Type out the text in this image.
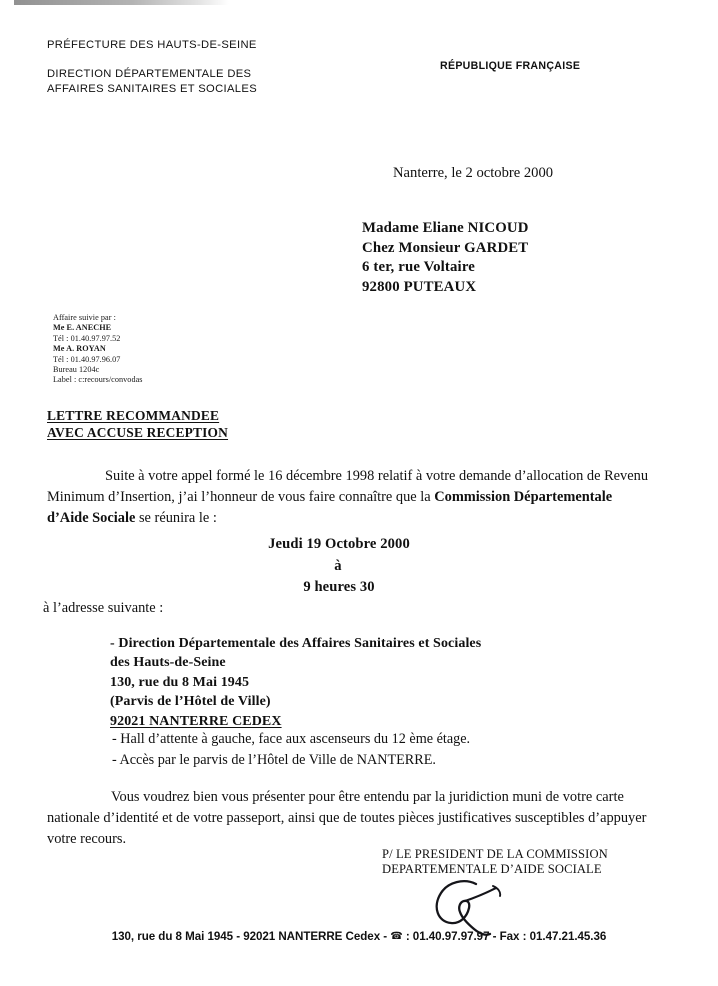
PRÉFECTURE DES HAUTS-DE-SEINE
DIRECTION DÉPARTEMENTALE DES
AFFAIRES SANITAIRES ET SOCIALES
RÉPUBLIQUE FRANÇAISE
Nanterre, le 2 octobre 2000
Madame Eliane NICOUD
Chez Monsieur GARDET
6 ter, rue Voltaire
92800 PUTEAUX
Affaire suivie par :
Me E. ANECHE
Tél : 01.40.97.97.52
Me A. ROYAN
Tél : 01.40.97.96.07
Bureau 1204c
Label : c:recours/convodas
LETTRE RECOMMANDEE
AVEC ACCUSE RECEPTION
Suite à votre appel formé le 16 décembre 1998 relatif à votre demande d’allocation de Revenu Minimum d’Insertion, j’ai l’honneur de vous faire connaître que la Commission Départementale d’Aide Sociale se réunira le :
Jeudi 19 Octobre 2000
à
9 heures 30
à l’adresse suivante :
- Direction Départementale des Affaires Sanitaires et Sociales
des Hauts-de-Seine
130, rue du 8 Mai 1945
(Parvis de l’Hôtel de Ville)
92021 NANTERRE CEDEX
- Hall d’attente à gauche, face aux ascenseurs du 12 ème étage.
- Accès par le parvis de l’Hôtel de Ville de NANTERRE.
Vous voudrez bien vous présenter pour être entendu par la juridiction muni de votre carte nationale d’identité et de votre passeport, ainsi que de toutes pièces justificatives susceptibles d’appuyer votre recours.
P/ LE PRESIDENT DE LA COMMISSION
DEPARTEMENTALE D’AIDE SOCIALE
130, rue du 8 Mai 1945 - 92021 NANTERRE Cedex - ☎ : 01.40.97.97.97 - Fax : 01.47.21.45.36
